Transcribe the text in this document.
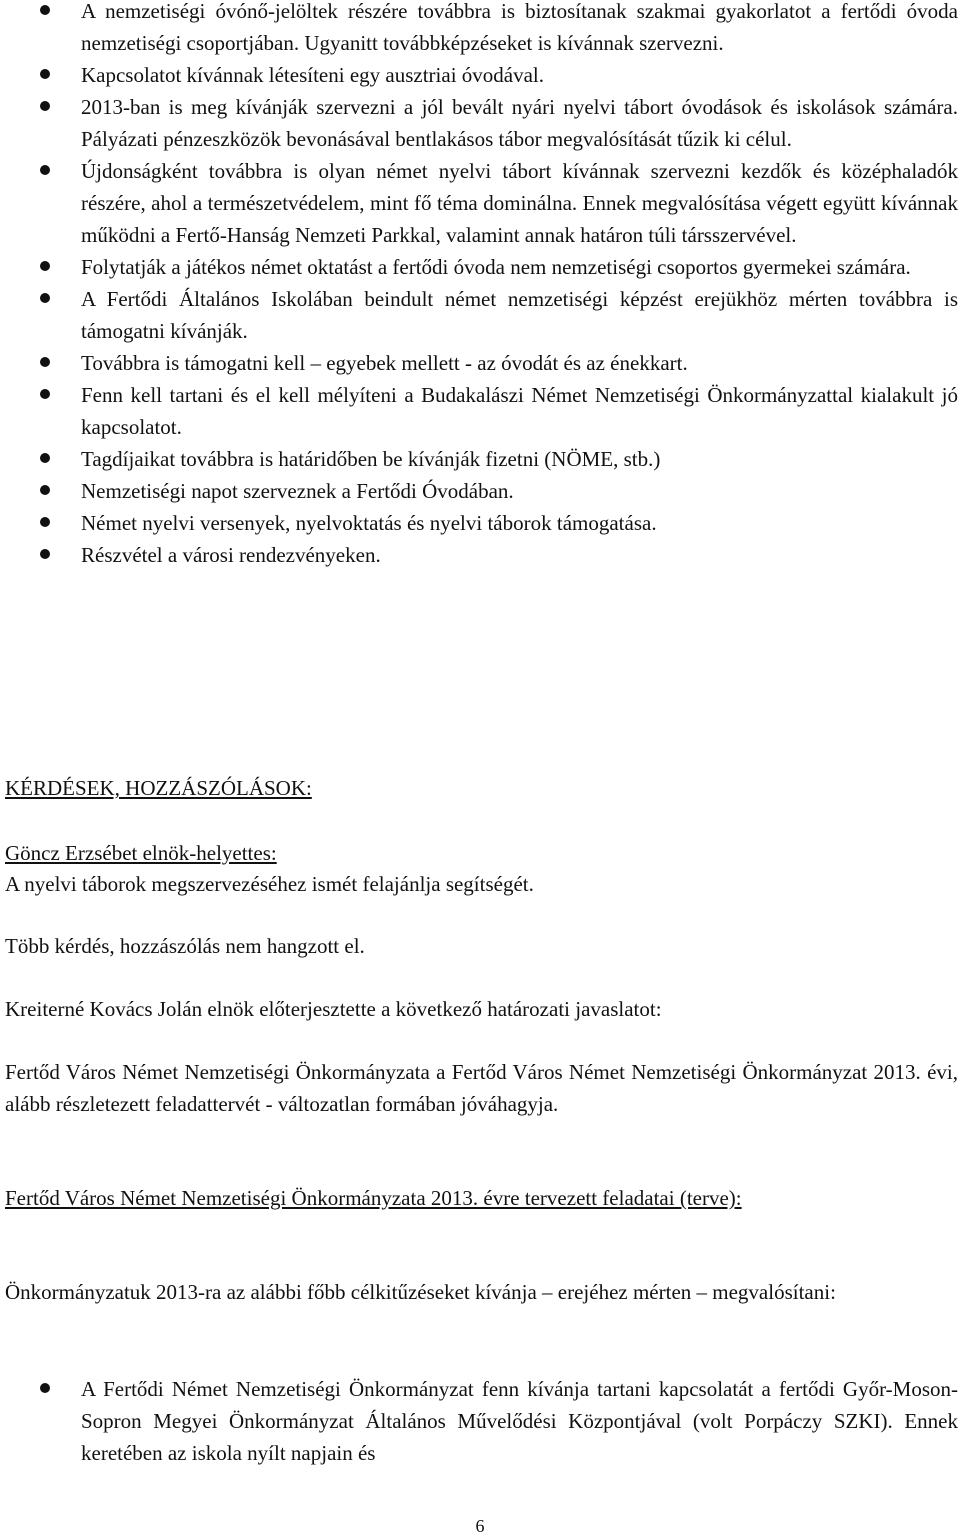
A nemzetiségi óvónő-jelöltek részére továbbra is biztosítanak szakmai gyakorlatot a fertődi óvoda nemzetiségi csoportjában. Ugyanitt továbbképzéseket is kívánnak szervezni.
Kapcsolatot kívánnak létesíteni egy ausztriai óvodával.
2013-ban is meg kívánják szervezni a jól bevált nyári nyelvi tábort óvodások és iskolások számára. Pályázati pénzeszközök bevonásával bentlakásos tábor megvalósítását tűzik ki célul.
Újdonságként továbbra is olyan német nyelvi tábort kívánnak szervezni kezdők és középhaladók részére, ahol a természetvédelem, mint fő téma dominálna. Ennek megvalósítása végett együtt kívánnak működni a Fertő-Hanság Nemzeti Parkkal, valamint annak határon túli társszervével.
Folytatják a játékos német oktatást a fertődi óvoda nem nemzetiségi csoportos gyermekei számára.
A Fertődi Általános Iskolában beindult német nemzetiségi képzést erejükhöz mérten továbbra is támogatni kívánják.
Továbbra is támogatni kell – egyebek mellett - az óvodát és az énekkart.
Fenn kell tartani és el kell mélyíteni a Budakalászi Német Nemzetiségi Önkormányzattal kialakult jó kapcsolatot.
Tagdíjaikat továbbra is határidőben be kívánják fizetni (NÖME, stb.)
Nemzetiségi napot szerveznek a Fertődi Óvodában.
Német nyelvi versenyek, nyelvoktatás és nyelvi táborok támogatása.
Részvétel a városi rendezvényeken.
KÉRDÉSEK, HOZZÁSZÓLÁSOK:
Göncz Erzsébet elnök-helyettes:
A nyelvi táborok megszervezéséhez ismét felajánlja segítségét.
Több kérdés, hozzászólás nem hangzott el.
Kreiterné Kovács Jolán elnök előterjesztette a következő határozati javaslatot:
Fertőd Város Német Nemzetiségi Önkormányzata a Fertőd Város Német Nemzetiségi Önkormányzat 2013. évi, alább részletezett feladattervét - változatlan formában jóváhagyja.
Fertőd Város Német Nemzetiségi Önkormányzata 2013. évre tervezett feladatai (terve):
Önkormányzatuk 2013-ra az alábbi főbb célkitűzéseket kívánja – erejéhez mérten – megvalósítani:
A Fertődi Német Nemzetiségi Önkormányzat fenn kívánja tartani kapcsolatát a fertődi Győr-Moson-Sopron Megyei Önkormányzat Általános Művelődési Központjával (volt Porpáczy SZKI). Ennek keretében az iskola nyílt napjain és
6
